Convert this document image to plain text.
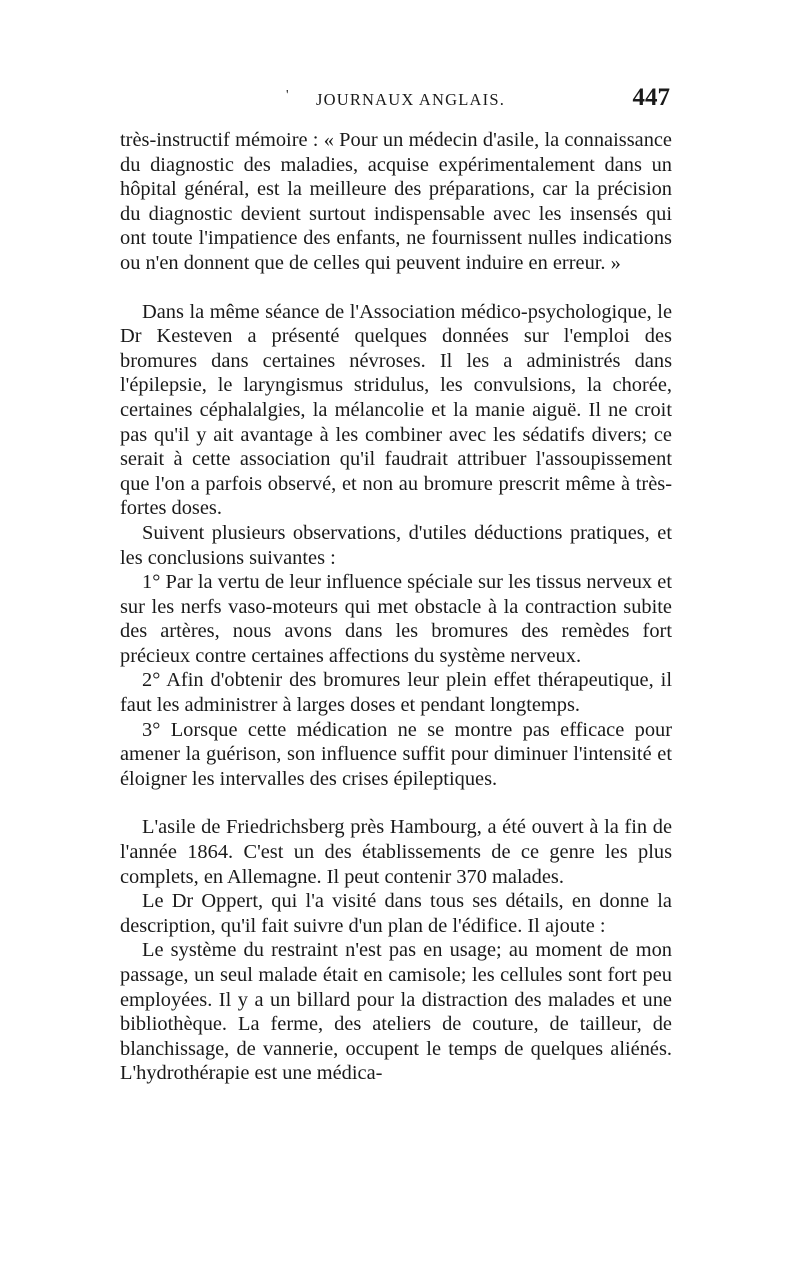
' JOURNAUX ANGLAIS.	447

très-instructif mémoire : « Pour un médecin d'asile, la connaissance du diagnostic des maladies, acquise expérimentalement dans un hôpital général, est la meilleure des préparations, car la précision du diagnostic devient surtout indispensable avec les insensés qui ont toute l'impatience des enfants, ne fournissent nulles indications ou n'en donnent que de celles qui peuvent induire en erreur. »

Dans la même séance de l'Association médico-psychologique, le Dr Kesteven a présenté quelques données sur l'emploi des bromures dans certaines névroses. Il les a administrés dans l'épilepsie, le laryngismus stridulus, les convulsions, la chorée, certaines céphalalgies, la mélancolie et la manie aiguë. Il ne croit pas qu'il y ait avantage à les combiner avec les sédatifs divers; ce serait à cette association qu'il faudrait attribuer l'assoupissement que l'on a parfois observé, et non au bromure prescrit même à très-fortes doses.

Suivent plusieurs observations, d'utiles déductions pratiques, et les conclusions suivantes :

1° Par la vertu de leur influence spéciale sur les tissus nerveux et sur les nerfs vaso-moteurs qui met obstacle à la contraction subite des artères, nous avons dans les bromures des remèdes fort précieux contre certaines affections du système nerveux.

2° Afin d'obtenir des bromures leur plein effet thérapeutique, il faut les administrer à larges doses et pendant longtemps.

3° Lorsque cette médication ne se montre pas efficace pour amener la guérison, son influence suffit pour diminuer l'intensité et éloigner les intervalles des crises épileptiques.

L'asile de Friedrichsberg près Hambourg, a été ouvert à la fin de l'année 1864. C'est un des établissements de ce genre les plus complets, en Allemagne. Il peut contenir 370 malades.

Le Dr Oppert, qui l'a visité dans tous ses détails, en donne la description, qu'il fait suivre d'un plan de l'édifice. Il ajoute :

Le système du restraint n'est pas en usage; au moment de mon passage, un seul malade était en camisole; les cellules sont fort peu employées. Il y a un billard pour la distraction des malades et une bibliothèque. La ferme, des ateliers de couture, de tailleur, de blanchissage, de vannerie, occupent le temps de quelques aliénés. L'hydrothérapie est une médica-
